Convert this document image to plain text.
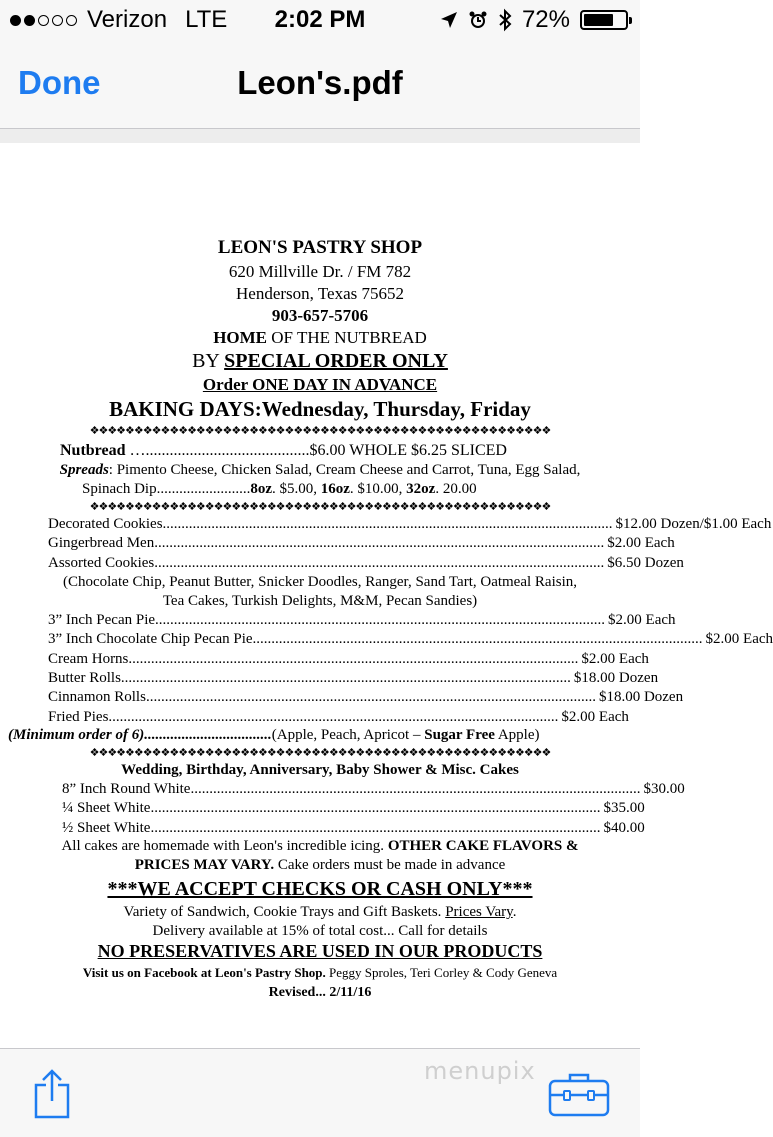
Verizon LTE	2:02 PM	72%
Leon's.pdf
Done
LEON'S PASTRY SHOP
620 Millville Dr. / FM 782
Henderson, Texas 75652
903-657-5706
HOME OF THE NUTBREAD
BY SPECIAL ORDER ONLY
Order ONE DAY IN ADVANCE
BAKING DAYS:Wednesday, Thursday, Friday
❖❖❖❖❖❖❖❖❖❖❖❖❖❖❖❖❖❖❖❖❖❖❖❖❖❖❖❖❖❖❖❖❖❖❖❖❖❖❖❖❖❖❖❖❖❖❖❖❖❖❖❖
Nutbread ….........................................$6.00 WHOLE $6.25 SLICED
Spreads: Pimento Cheese, Chicken Salad, Cream Cheese and Carrot, Tuna, Egg Salad,
Spinach Dip.........................8oz. $5.00, 16oz. $10.00, 32oz. 20.00
❖❖❖❖❖❖❖❖❖❖❖❖❖❖❖❖❖❖❖❖❖❖❖❖❖❖❖❖❖❖❖❖❖❖❖❖❖❖❖❖❖❖❖❖❖❖❖❖❖❖❖❖
Decorated Cookies ........................................................................................................................ $12.00 Dozen/$1.00 Each
Gingerbread Men ........................................................................................................................ $2.00 Each
Assorted Cookies ........................................................................................................................ $6.50 Dozen
(Chocolate Chip, Peanut Butter, Snicker Doodles, Ranger, Sand Tart, Oatmeal Raisin,
Tea Cakes, Turkish Delights, M&M, Pecan Sandies)
3” Inch Pecan Pie ........................................................................................................................ $2.00 Each
3” Inch Chocolate Chip Pecan Pie ........................................................................................................................ $2.00 Each
Cream Horns ........................................................................................................................ $2.00 Each
Butter Rolls ........................................................................................................................ $18.00 Dozen
Cinnamon Rolls ........................................................................................................................ $18.00 Dozen
Fried Pies ........................................................................................................................ $2.00 Each
(Minimum order of 6)..................................(Apple, Peach, Apricot – Sugar Free Apple)
❖❖❖❖❖❖❖❖❖❖❖❖❖❖❖❖❖❖❖❖❖❖❖❖❖❖❖❖❖❖❖❖❖❖❖❖❖❖❖❖❖❖❖❖❖❖❖❖❖❖❖❖
Wedding, Birthday, Anniversary, Baby Shower & Misc. Cakes
8” Inch Round White ........................................................................................................................ $30.00
¼ Sheet White ........................................................................................................................ $35.00
½ Sheet White ........................................................................................................................ $40.00
All cakes are homemade with Leon's incredible icing. OTHER CAKE FLAVORS &
PRICES MAY VARY. Cake orders must be made in advance
***WE ACCEPT CHECKS OR CASH ONLY***
Variety of Sandwich, Cookie Trays and Gift Baskets. Prices Vary.
Delivery available at 15% of total cost... Call for details
NO PRESERVATIVES ARE USED IN OUR PRODUCTS
Visit us on Facebook at Leon's Pastry Shop. Peggy Sproles, Teri Corley & Cody Geneva
Revised... 2/11/16
menupix
